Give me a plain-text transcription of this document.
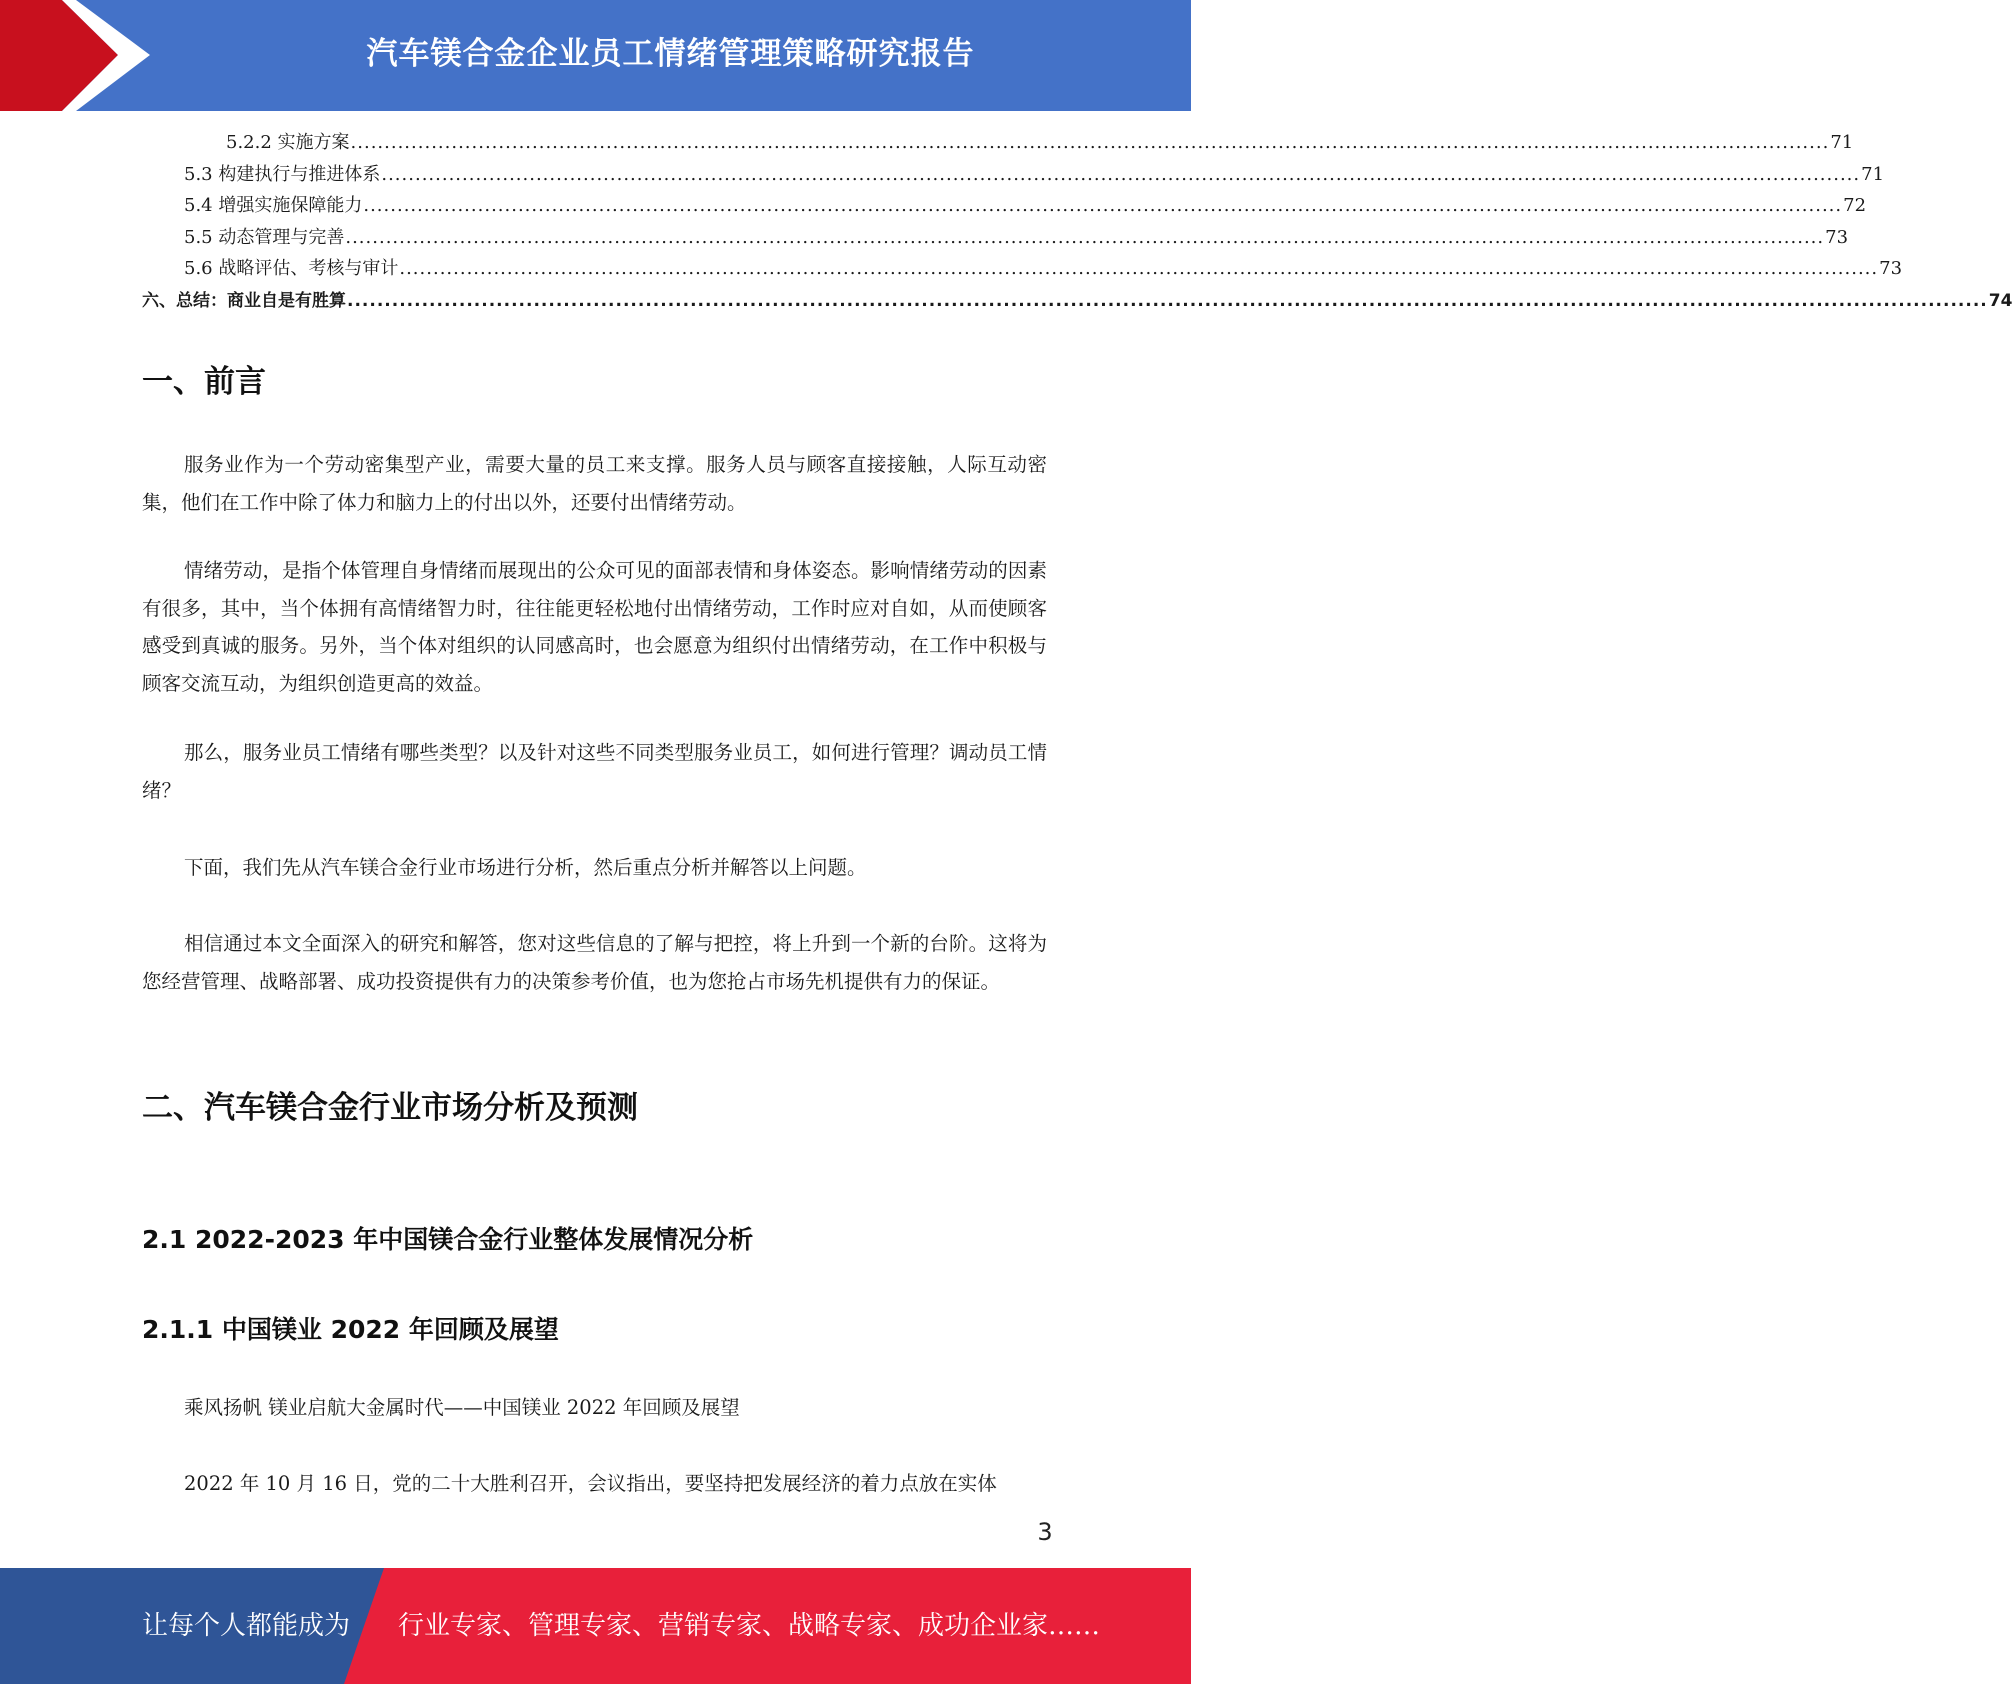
汽车镁合金企业员工情绪管理策略研究报告
5.2.2 实施方案 ............................................................................................................................................................................................................................ 71
5.3 构建执行与推进体系 ............................................................................................................................................................................................................................ 71
5.4 增强实施保障能力 ............................................................................................................................................................................................................................ 72
5.5 动态管理与完善 ............................................................................................................................................................................................................................ 73
5.6 战略评估、考核与审计 ............................................................................................................................................................................................................................ 73
六、总结：商业自是有胜算 ............................................................................................................................................................................................................................ 74
一、前言

服务业作为一个劳动密集型产业，需要大量的员工来支撑。服务人员与顾客直接接触，人际互动密集，他们在工作中除了体力和脑力上的付出以外，还要付出情绪劳动。

情绪劳动，是指个体管理自身情绪而展现出的公众可见的面部表情和身体姿态。影响情绪劳动的因素有很多，其中，当个体拥有高情绪智力时，往往能更轻松地付出情绪劳动，工作时应对自如，从而使顾客感受到真诚的服务。另外，当个体对组织的认同感高时，也会愿意为组织付出情绪劳动，在工作中积极与顾客交流互动，为组织创造更高的效益。

那么，服务业员工情绪有哪些类型？以及针对这些不同类型服务业员工，如何进行管理？调动员工情绪？

下面，我们先从汽车镁合金行业市场进行分析，然后重点分析并解答以上问题。

相信通过本文全面深入的研究和解答，您对这些信息的了解与把控，将上升到一个新的台阶。这将为您经营管理、战略部署、成功投资提供有力的决策参考价值，也为您抢占市场先机提供有力的保证。

二、汽车镁合金行业市场分析及预测
2.1 2022-2023 年中国镁合金行业整体发展情况分析
2.1.1 中国镁业 2022 年回顾及展望

乘风扬帆 镁业启航大金属时代——中国镁业 2022 年回顾及展望

2022 年 10 月 16 日，党的二十大胜利召开，会议指出，要坚持把发展经济的着力点放在实体

3
让每个人都能成为 行业专家、管理专家、营销专家、战略专家、成功企业家……
